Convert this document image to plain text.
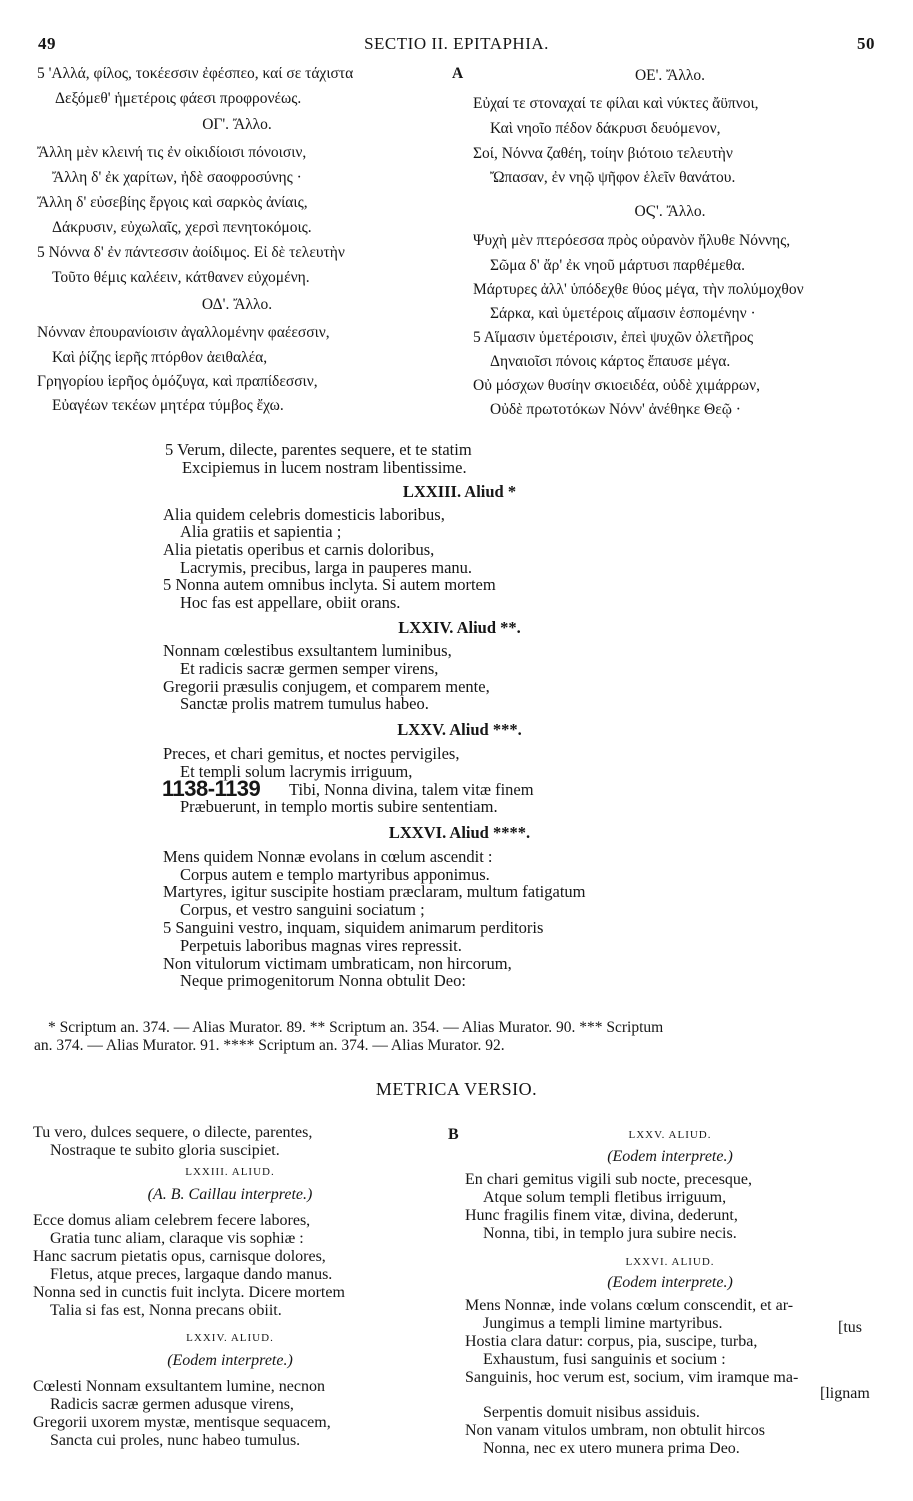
49	SECTIO II. EPITAPHIA.	50
5 'Αλλά, φίλος, τοκέεσσιν ἐφέσπεο, καί σε τάχιστα
Δεξόμεθ' ἡμετέροις φάεσι προφρονέως.
ΟΓ'. Ἄλλο.
Ἄλλη μὲν κλεινή τις ἐν οἰκιδίοισι πόνοισιν,
Ἄλλη δ' ἐκ χαρίτων, ἠδὲ σαοφροσύνης ·
Ἄλλη δ' εὐσεβίης ἔργοις καὶ σαρκὸς ἀνίαις,
Δάκρυσιν, εὐχωλαῖς, χερσὶ πενητοκόμοις.
5 Νόννα δ' ἐν πάντεσσιν ἀοίδιμος. Εἰ δὲ τελευτὴν
Τοῦτο θέμις καλέειν, κάτθανεν εὐχομένη.
ΟΔ'. Ἄλλο.
Νόνναν ἐπουρανίοισιν ἀγαλλομένην φαέεσσιν,
Καὶ ῥίζης ἱερῆς πτόρθον ἀειθαλέα,
Γρηγορίου ἱερῆος ὁμόζυγα, καὶ πραπίδεσσιν,
Εὐαγέων τεκέων μητέρα τύμβος ἔχω.
A	ΟΕ'. Ἄλλο.
Εὐχαί τε στοναχαί τε φίλαι καὶ νύκτες ἄϋπνοι,
Καὶ νηοῖο πέδον δάκρυσι δευόμενον,
Σοί, Νόννα ζαθέη, τοίην βιότοιο τελευτὴν
Ὤπασαν, ἐν νηῷ ψῆφον ἑλεῖν θανάτου.
ΟϚ'. Ἄλλο.
Ψυχὴ μὲν πτερόεσσα πρὸς οὐρανὸν ἤλυθε Νόννης,
Σῶμα δ' ἄρ' ἐκ νηοῦ μάρτυσι παρθέμεθα.
Μάρτυρες ἀλλ' ὑπόδεχθε θύος μέγα, τὴν πολύμοχθον
Σάρκα, καὶ ὑμετέροις αἵμασιν ἑσπομένην ·
5 Αἵμασιν ὑμετέροισιν, ἐπεὶ ψυχῶν ὀλετῆρος
Δηναιοῖσι πόνοις κάρτος ἔπαυσε μέγα.
Οὐ μόσχων θυσίην σκιοειδέα, οὐδὲ χιμάρρων,
Οὐδὲ πρωτοτόκων Νόνν' ἀνέθηκε Θεῷ ·
5 Verum, dilecte, parentes sequere, et te statim
Excipiemus in lucem nostram libentissime.
LXXIII. Aliud *
Alia quidem celebris domesticis laboribus,
Alia gratiis et sapientia ;
Alia pietatis operibus et carnis doloribus,
Lacrymis, precibus, larga in pauperes manu.
5 Nonna autem omnibus inclyta. Si autem mortem
Hoc fas est appellare, obiit orans.
LXXIV. Aliud **.
Nonnam cœlestibus exsultantem luminibus,
Et radicis sacræ germen semper virens,
Gregorii præsulis conjugem, et comparem mente,
Sanctæ prolis matrem tumulus habeo.
LXXV. Aliud ***.
Preces, et chari gemitus, et noctes pervigiles,
Et templi solum lacrymis irriguum,
1138-1139 Tibi, Nonna divina, talem vitæ finem
Præbuerunt, in templo mortis subire sententiam.
LXXVI. Aliud ****.
Mens quidem Nonnæ evolans in cœlum ascendit :
Corpus autem e templo martyribus apponimus.
Martyres, igitur suscipite hostiam præclaram, multum fatigatum
Corpus, et vestro sanguini sociatum ;
5 Sanguini vestro, inquam, siquidem animarum perditoris
Perpetuis laboribus magnas vires repressit.
Non vitulorum victimam umbraticam, non hircorum,
Neque primogenitorum Nonna obtulit Deo:
* Scriptum an. 374. — Alias Murator. 89. ** Scriptum an. 354. — Alias Murator. 90. *** Scriptum
an. 374. — Alias Murator. 91. **** Scriptum an. 374. — Alias Murator. 92.
METRICA VERSIO.
Tu vero, dulces sequere, o dilecte, parentes,
Nostraque te subito gloria suscipiet.
LXXIII. ALIUD.
(A. B. Caillau interprete.)
Ecce domus aliam celebrem fecere labores,
Gratia tunc aliam, claraque vis sophiæ :
Hanc sacrum pietatis opus, carnisque dolores,
Fletus, atque preces, largaque dando manus.
Nonna sed in cunctis fuit inclyta. Dicere mortem
Talia si fas est, Nonna precans obiit.
LXXIV. ALIUD.
(Eodem interprete.)
Cœlesti Nonnam exsultantem lumine, necnon
Radicis sacræ germen adusque virens,
Gregorii uxorem mystæ, mentisque sequacem,
Sancta cui proles, nunc habeo tumulus.
B	LXXV. ALIUD.
(Eodem interprete.)
En chari gemitus vigili sub nocte, precesque,
Atque solum templi fletibus irriguum,
Hunc fragilis finem vitæ, divina, dederunt,
Nonna, tibi, in templo jura subire necis.
LXXVI. ALIUD.
(Eodem interprete.)
Mens Nonnæ, inde volans cœlum conscendit, et ar-
Jungimus a templi limine martyribus.	[tus
Hostia clara datur: corpus, pia, suscipe, turba,
Exhaustum, fusi sanguinis et socium :
Sanguinis, hoc verum est, socium, vim iramque ma-
[lignam
Serpentis domuit nisibus assiduis.
Non vanam vitulos umbram, non obtulit hircos
Nonna, nec ex utero munera prima Deo.
